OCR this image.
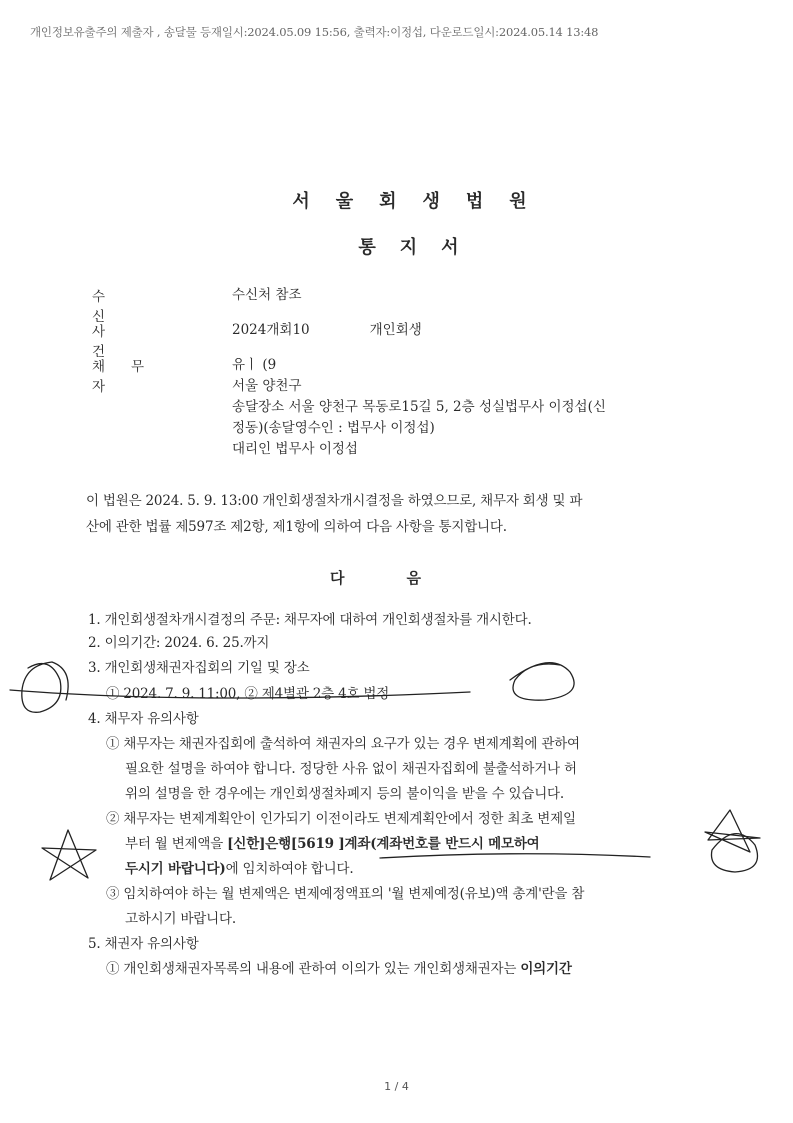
개인정보유출주의 제출자 , 송달물 등재일시:2024.05.09 15:56, 출력자:이정섭, 다운로드일시:2024.05.14 13:48
서울회생법원
통지서
수신
수신처 참조
사건
2024개회10	개인회생
채무자
유ㅣ (9
서울 양천구
송달장소 서울 양천구 목동로15길 5, 2층 성실법무사 이정섭(신
정동)(송달영수인 : 법무사 이정섭)
대리인 법무사 이정섭
이 법원은 2024. 5. 9. 13:00 개인회생절차개시결정을 하였으므로, 채무자 회생 및 파
산에 관한 법률 제597조 제2항, 제1항에 의하여 다음 사항을 통지합니다.
다음
1. 개인회생절차개시결정의 주문: 채무자에 대하여 개인회생절차를 개시한다.
2. 이의기간: 2024. 6. 25.까지
3. 개인회생채권자집회의 기일 및 장소
① 2024. 7. 9. 11:00, ② 제4별관 2층 4호 법정
4. 채무자 유의사항
① 채무자는 채권자집회에 출석하여 채권자의 요구가 있는 경우 변제계획에 관하여
필요한 설명을 하여야 합니다. 정당한 사유 없이 채권자집회에 불출석하거나 허
위의 설명을 한 경우에는 개인회생절차폐지 등의 불이익을 받을 수 있습니다.
② 채무자는 변제계획안이 인가되기 이전이라도 변제계획안에서 정한 최초 변제일
부터 월 변제액을 [신한]은행[5619 ]계좌(계좌번호를 반드시 메모하여
두시기 바랍니다)에 임치하여야 합니다.
③ 임치하여야 하는 월 변제액은 변제예정액표의 '월 변제예정(유보)액 총계'란을 참
고하시기 바랍니다.
5. 채권자 유의사항
① 개인회생채권자목록의 내용에 관하여 이의가 있는 개인회생채권자는 이의기간
1 / 4
